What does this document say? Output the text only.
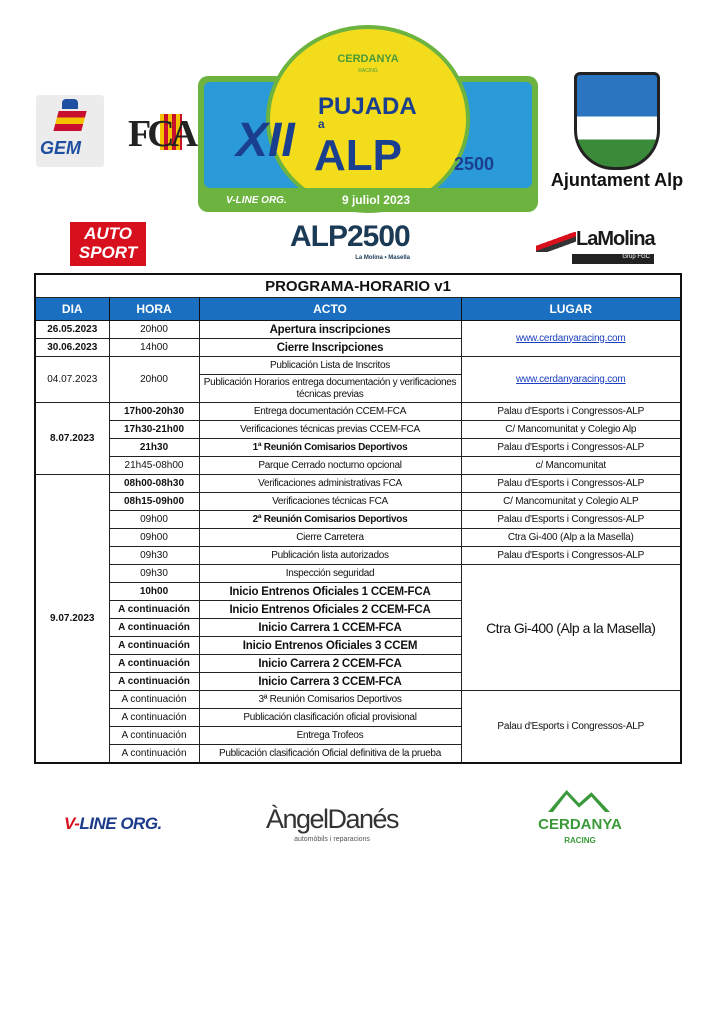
CERDANYA
RACING
XII
PUJADA
a
ALP	2500
V-LINE ORG.	9 juliol 2023
GEM FCA
Ajuntament Alp
AUTO
SPORT	ALP2500
La Molina • Masella
LaMolina
Grup FGC
PROGRAMA-HORARIO v1			
DIA	HORA	ACTO	LUGAR
26.05.2023	20h00	Apertura inscripciones	www.cerdanyaracing.com
30.06.2023	14h00	Cierre Inscripciones	
04.07.2023	20h00	Publicación Lista de Inscritos	www.cerdanyaracing.com
		Publicación Horarios entrega documentación y verificaciones técnicas previas	
8.07.2023	17h00-20h30	Entrega documentación CCEM-FCA	Palau d'Esports i Congressos-ALP
	17h30-21h00	Verificaciones técnicas previas CCEM-FCA	C/ Mancomunitat y Colegio Alp
	21h30	1ª Reunión Comisarios Deportivos	Palau d'Esports i Congressos-ALP
	21h45-08h00	Parque Cerrado nocturno opcional	c/ Mancomunitat
9.07.2023	08h00-08h30	Verificaciones administrativas FCA	Palau d'Esports i Congressos-ALP
	08h15-09h00	Verificaciones técnicas FCA	C/ Mancomunitat y Colegio ALP
	09h00	2ª Reunión Comisarios Deportivos	Palau d'Esports i Congressos-ALP
	09h00	Cierre Carretera	Ctra Gi-400 (Alp a la Masella)
	09h30	Publicación lista autorizados	Palau d'Esports i Congressos-ALP
	09h30	Inspección seguridad	Ctra Gi-400 (Alp a la Masella)
	10h00	Inicio Entrenos Oficiales 1 CCEM-FCA	
	A continuación	Inicio Entrenos Oficiales 2 CCEM-FCA	
	A continuación	Inicio Carrera 1 CCEM-FCA	
	A continuación	Inicio Entrenos Oficiales 3 CCEM	
	A continuación	Inicio Carrera 2 CCEM-FCA	
	A continuación	Inicio Carrera 3 CCEM-FCA	
	A continuación	3ª Reunión Comisarios Deportivos	Palau d'Esports i Congressos-ALP
	A continuación	Publicación clasificación oficial provisional	
	A continuación	Entrega Trofeos	
	A continuación	Publicación clasificación Oficial definitiva de la prueba	
V-LINE ORG.	ÀngelDanés
automòbils i reparacions
CERDANYA
RACING
